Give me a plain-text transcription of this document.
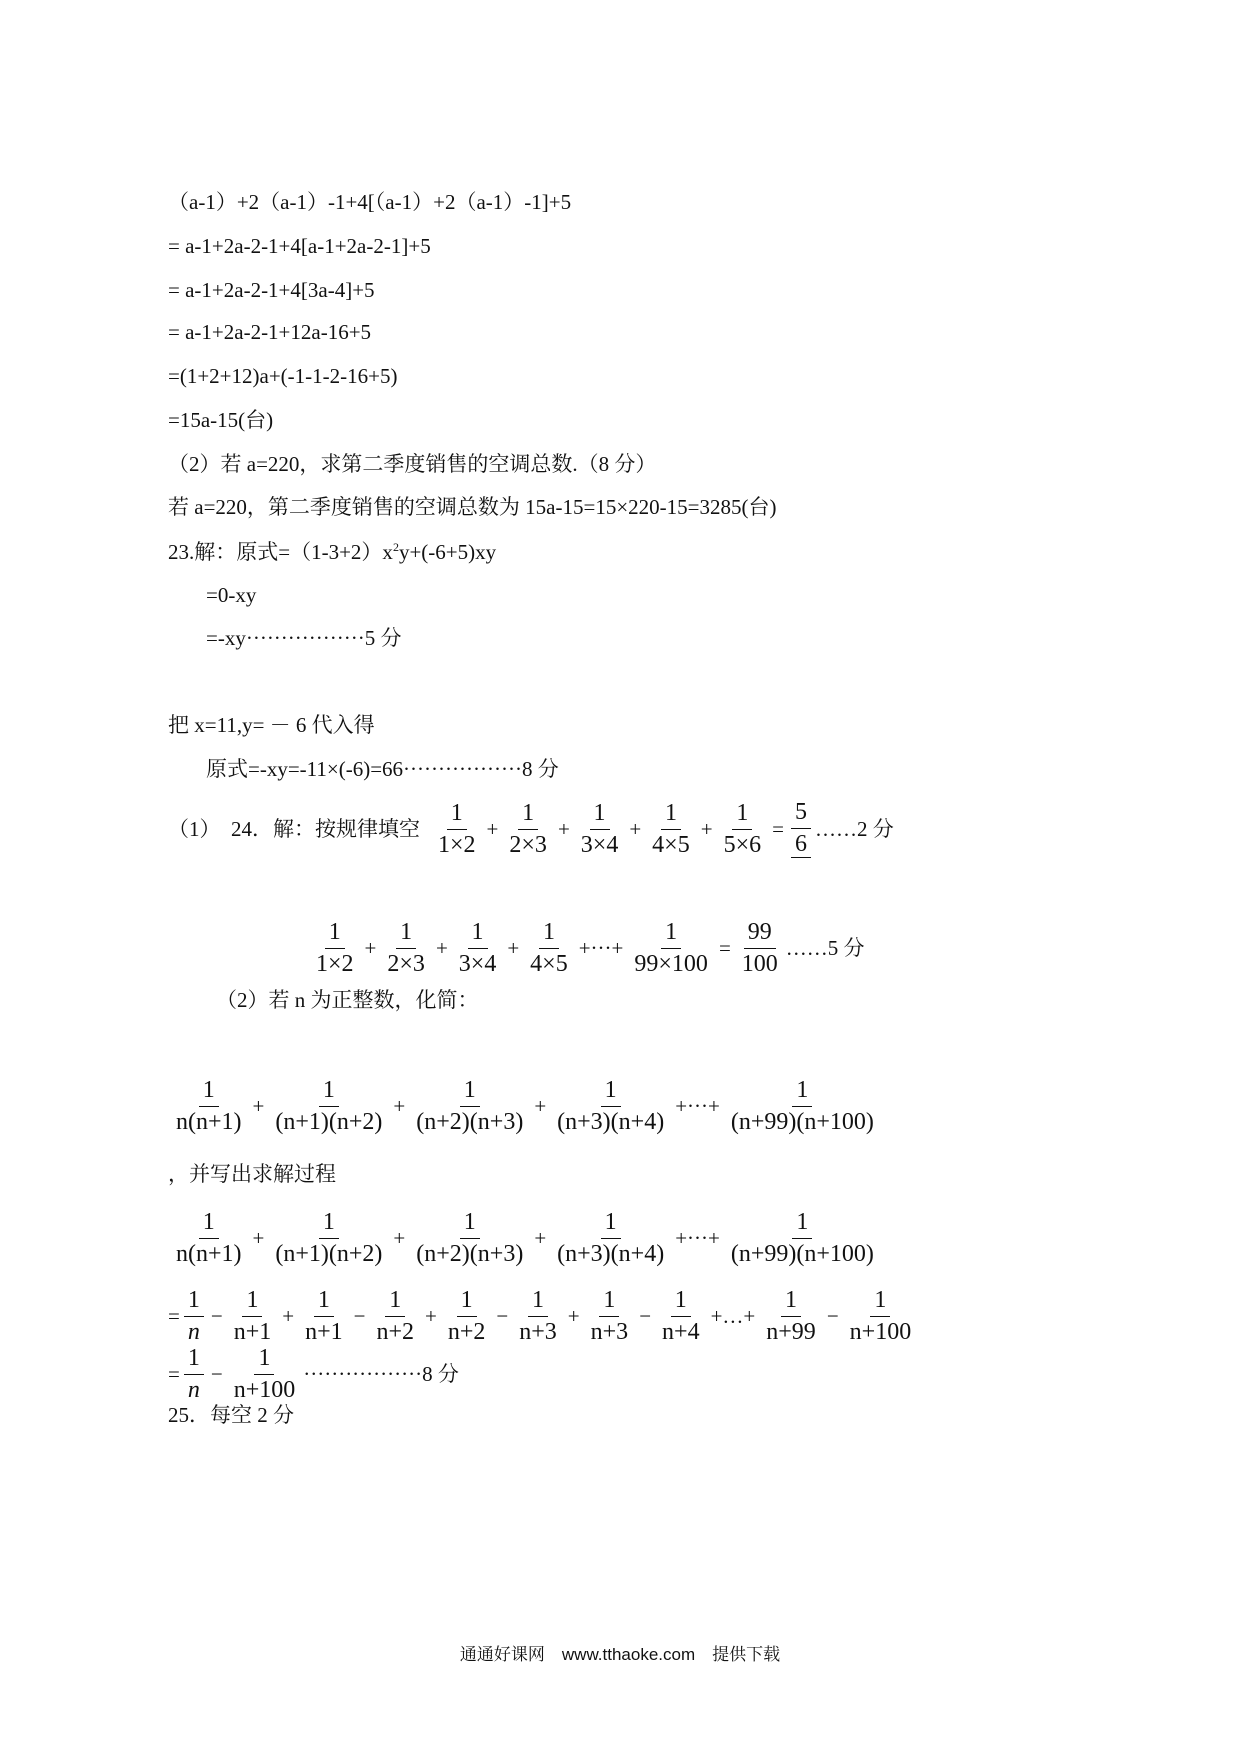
（a-1）+2（a-1）-1+4[（a-1）+2（a-1）-1]+5
= a-1+2a-2-1+4[a-1+2a-2-1]+5
= a-1+2a-2-1+4[3a-4]+5
= a-1+2a-2-1+12a-16+5
=(1+2+12)a+(-1-1-2-16+5)
=15a-15(台)
（2）若 a=220，求第二季度销售的空调总数.（8 分）
若 a=220，第二季度销售的空调总数为 15a-15=15×220-15=3285(台)
23.解：原式$=(1-3+2)x^2y+(-6+5)xy$
=0-xy
=-xy·················5 分
把 x=11,y= － 6 代入得
原式=-xy=-11×(-6)=66·················8 分
（1）　24．解：按规律填空 $\frac{1}{1\times 2} + \frac{1}{2\times 3} + \frac{1}{3\times 4} + \frac{1}{4\times 5} + \frac{1}{5\times 6} = \frac{5}{6}$ ……2 分
$\frac{1}{1\times 2} + \frac{1}{2\times 3} + \frac{1}{3\times 4} + \frac{1}{4\times 5}$ +···+ $\frac{1}{99\times 100} = \frac{99}{100}$ ……5 分
（2）若 n 为正整数，化简：
$\frac{1}{n(n+1)} + \frac{1}{(n+1)(n+2)} + \frac{1}{(n+2)(n+3)} + \frac{1}{(n+3)(n+4)}$ +···+ $\frac{1}{(n+99)(n+100)}$
，并写出求解过程
$\frac{1}{n(n+1)} + \frac{1}{(n+1)(n+2)} + \frac{1}{(n+2)(n+3)} + \frac{1}{(n+3)(n+4)}$ +···+ $\frac{1}{(n+99)(n+100)}$
= $\frac{1}{n} - \frac{1}{n+1} + \frac{1}{n+1} - \frac{1}{n+2} + \frac{1}{n+2} - \frac{1}{n+3} + \frac{1}{n+3} - \frac{1}{n+4}$ +…+ $\frac{1}{n+99} - \frac{1}{n+100}$
= $\frac{1}{n} - \frac{1}{n+100} \cdot\cdot\cdot\cdot\cdot\cdot\cdot\cdot\cdot\cdot\cdot\cdot\cdot\cdot\cdot\cdot\cdot 8$ 分
25．每空 2 分
通通好课网　www.tthaoke.com　提供下载
